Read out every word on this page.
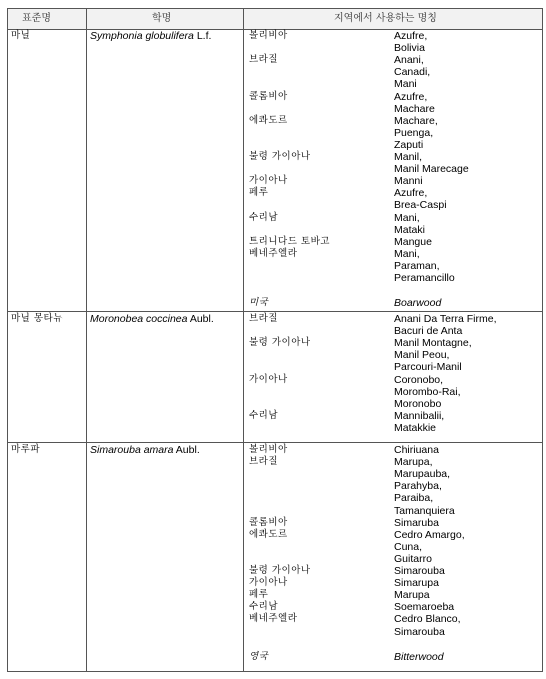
표준명	학명	지역에서 사용하는 명칭
마닐	Symphonia globulifera L.f.	볼리비아	Azufre,
Bolivia
브라질	Anani,
Canadi,
Mani
콜롬비아	Azufre,
Machare
에콰도르	Machare,
Puenga,
Zaputi
불령 가이아나	Manil,
Manil Marecage
가이아나	Manni
페루	Azufre,
Brea-Caspi
수리남	Mani,
Mataki
트리니다드 토바고	Mangue
베네주엘라	Mani,
Paraman,
Peramancillo
미국	Boarwood
마닐 몽타뉴	Moronobea coccinea Aubl.	브라질	Anani Da Terra Firme,
Bacuri de Anta
불령 가이아나	Manil Montagne,
Manil Peou,
Parcouri-Manil
가이아나	Coronobo,
Morombo-Rai,
Moronobo
수리남	Mannibalii,
Matakkie
마루파	Simarouba amara Aubl.	볼리비아	Chiriuana
브라질	Marupa,
Marupauba,
Parahyba,
Paraiba,
Tamanquiera
콜롬비아	Simaruba
에콰도르	Cedro Amargo,
Cuna,
Guitarro
불령 가이아나	Simarouba
가이아나	Simarupa
페루	Marupa
수리남	Soemaroeba
베네주엘라	Cedro Blanco,
Simarouba
영국	Bitterwood
